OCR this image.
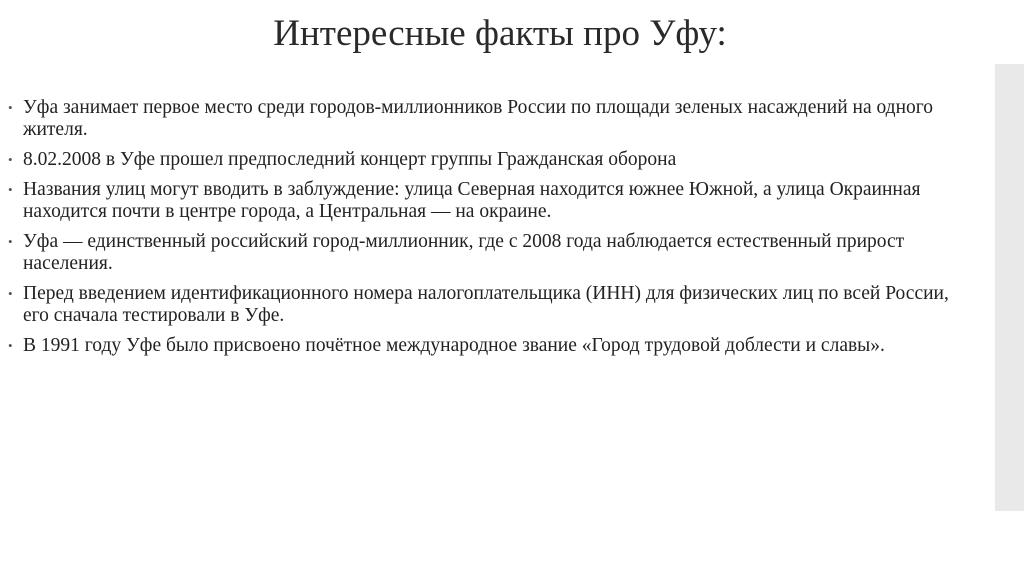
Интересные факты про Уфу:
• Уфа занимает первое место среди городов-миллионников России по площади зеленых насаждений на одного жителя.
• 8.02.2008 в Уфе прошел предпоследний концерт группы Гражданская оборона
• Названия улиц могут вводить в заблуждение: улица Северная находится южнее Южной, а улица Окраинная находится почти в центре города, а Центральная — на окраине.
• Уфа — единственный российский город-миллионник, где с 2008 года наблюдается естественный прирост населения.
• Перед введением идентификационного номера налогоплательщика (ИНН) для физических лиц по всей России, его сначала тестировали в Уфе.
• В 1991 году Уфе было присвоено почётное международное звание «Город трудовой доблести и славы».
